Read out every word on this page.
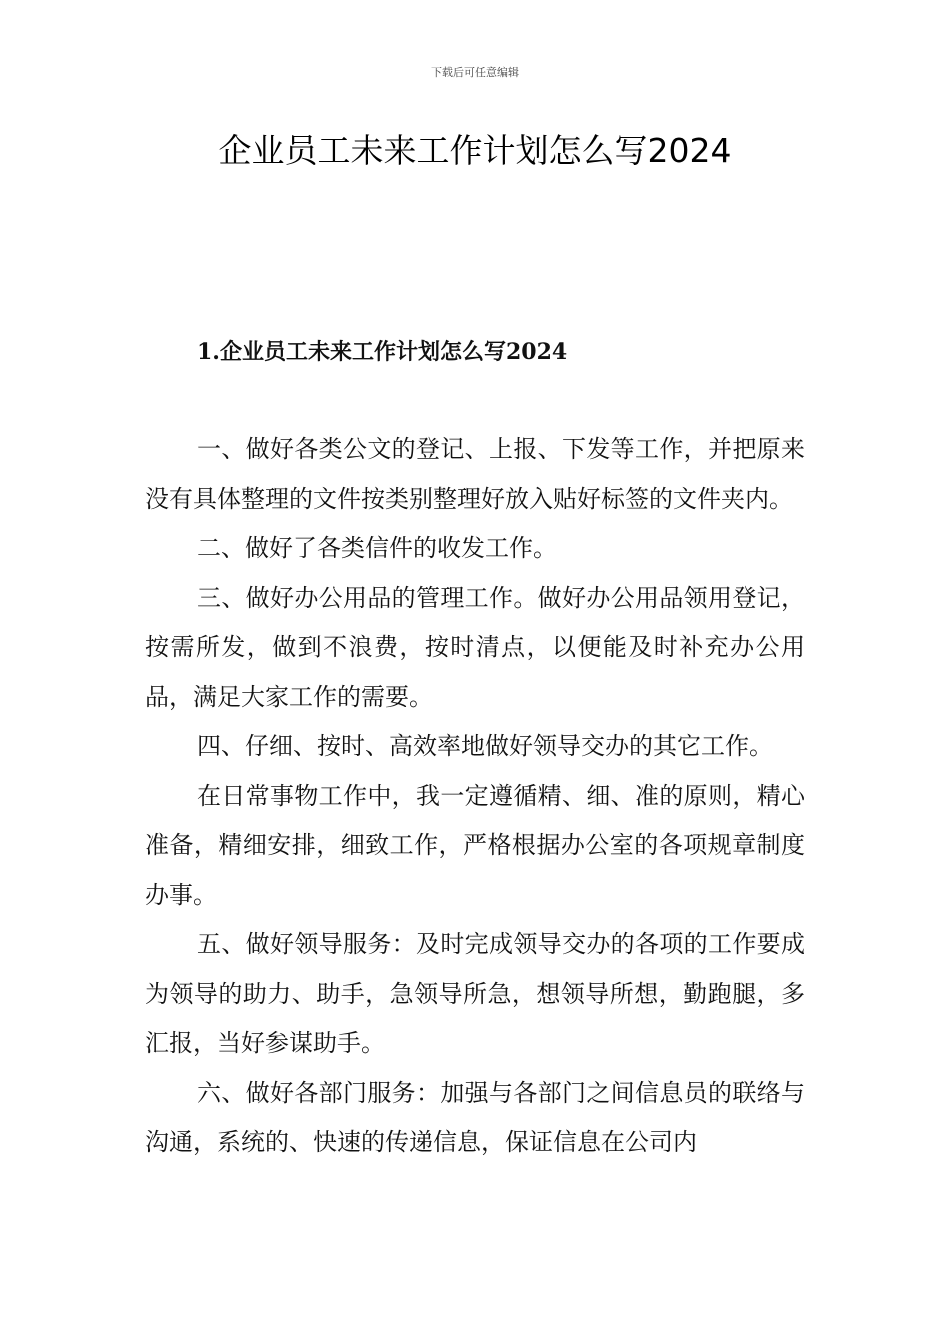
下载后可任意编辑
企业员工未来工作计划怎么写2024
1.企业员工未来工作计划怎么写2024

一、做好各类公文的登记、上报、下发等工作，并把原来没有具体整理的文件按类别整理好放入贴好标签的文件夹内。

二、做好了各类信件的收发工作。

三、做好办公用品的管理工作。做好办公用品领用登记，按需所发，做到不浪费，按时清点，以便能及时补充办公用品，满足大家工作的需要。

四、仔细、按时、高效率地做好领导交办的其它工作。

在日常事物工作中，我一定遵循精、细、准的原则，精心准备，精细安排，细致工作，严格根据办公室的各项规章制度办事。

五、做好领导服务：及时完成领导交办的各项的工作要成为领导的助力、助手，急领导所急，想领导所想，勤跑腿，多汇报，当好参谋助手。

六、做好各部门服务：加强与各部门之间信息员的联络与沟通，系统的、快速的传递信息，保证信息在公司内
